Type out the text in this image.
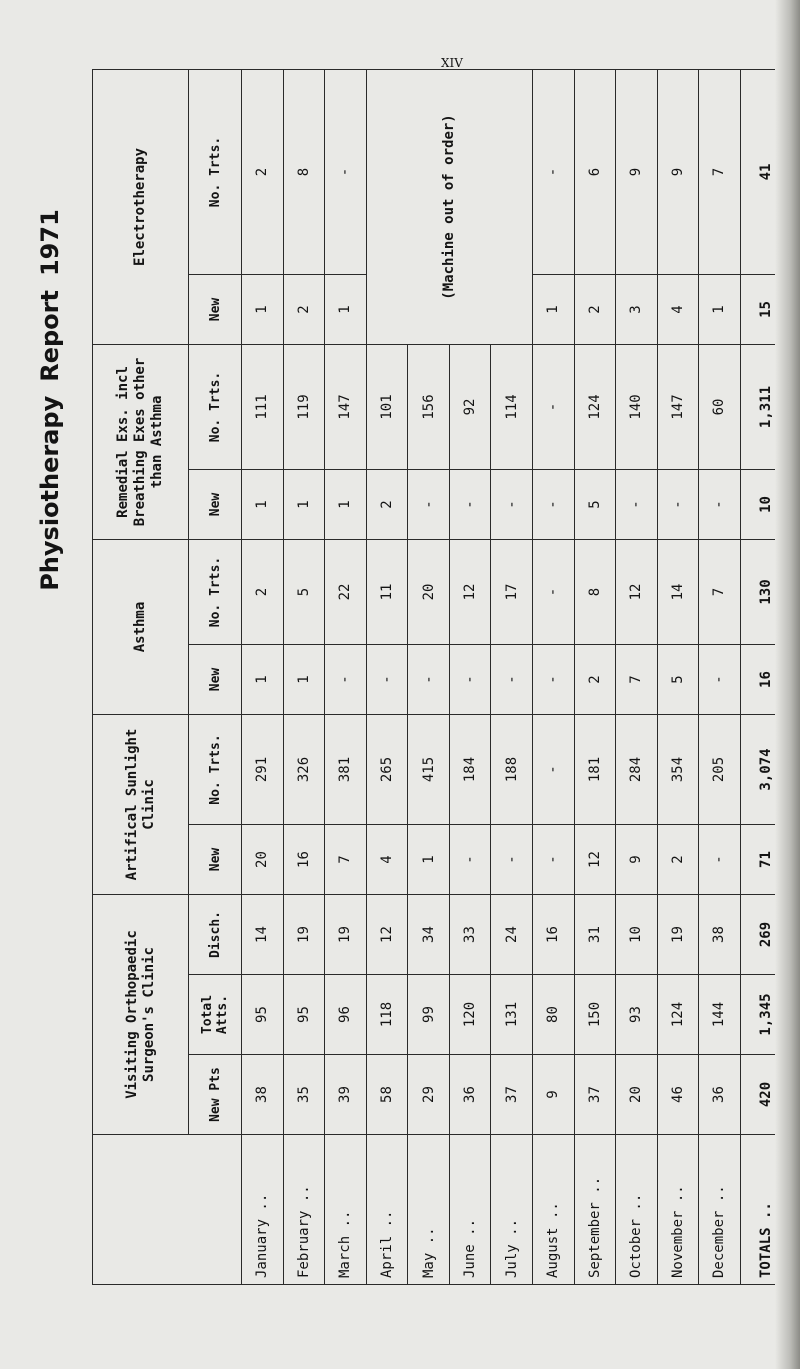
Physiotherapy
Report
1971
XIV
	Visiting Orthopaedic Surgeon's Clinic			Artifical Sunlight Clinic		Asthma		Remedial Exs. incl Breathing Exes other than Asthma		Electrotherapy	
	New Pts	Total Atts.	Disch.	New	No. Trts.	New	No. Trts.	New	No. Trts.	New	No. Trts.
January ..	38	95	14	20	291	1	2	1	111	1	2
February ..	35	95	19	16	326	1	5	1	119	2	8
March ..	39	96	19	7	381	-	22	1	147	1	-
April ..	58	118	12	4	265	-	11	2	101	(Machine out of order)	
May ..	29	99	34	1	415	-	20	-	156		
June ..	36	120	33	-	184	-	12	-	92		
July ..	37	131	24	-	188	-	17	-	114		
August ..	9	80	16	-	-	-	-	-	-	1	-
September ..	37	150	31	12	181	2	8	5	124	2	6
October ..	20	93	10	9	284	7	12	-	140	3	9
November ..	46	124	19	2	354	5	14	-	147	4	9
December ..	36	144	38	-	205	-	7	-	60	1	7
TOTALS ..	420	1,345	269	71	3,074	16	130	10	1,311	15	41
